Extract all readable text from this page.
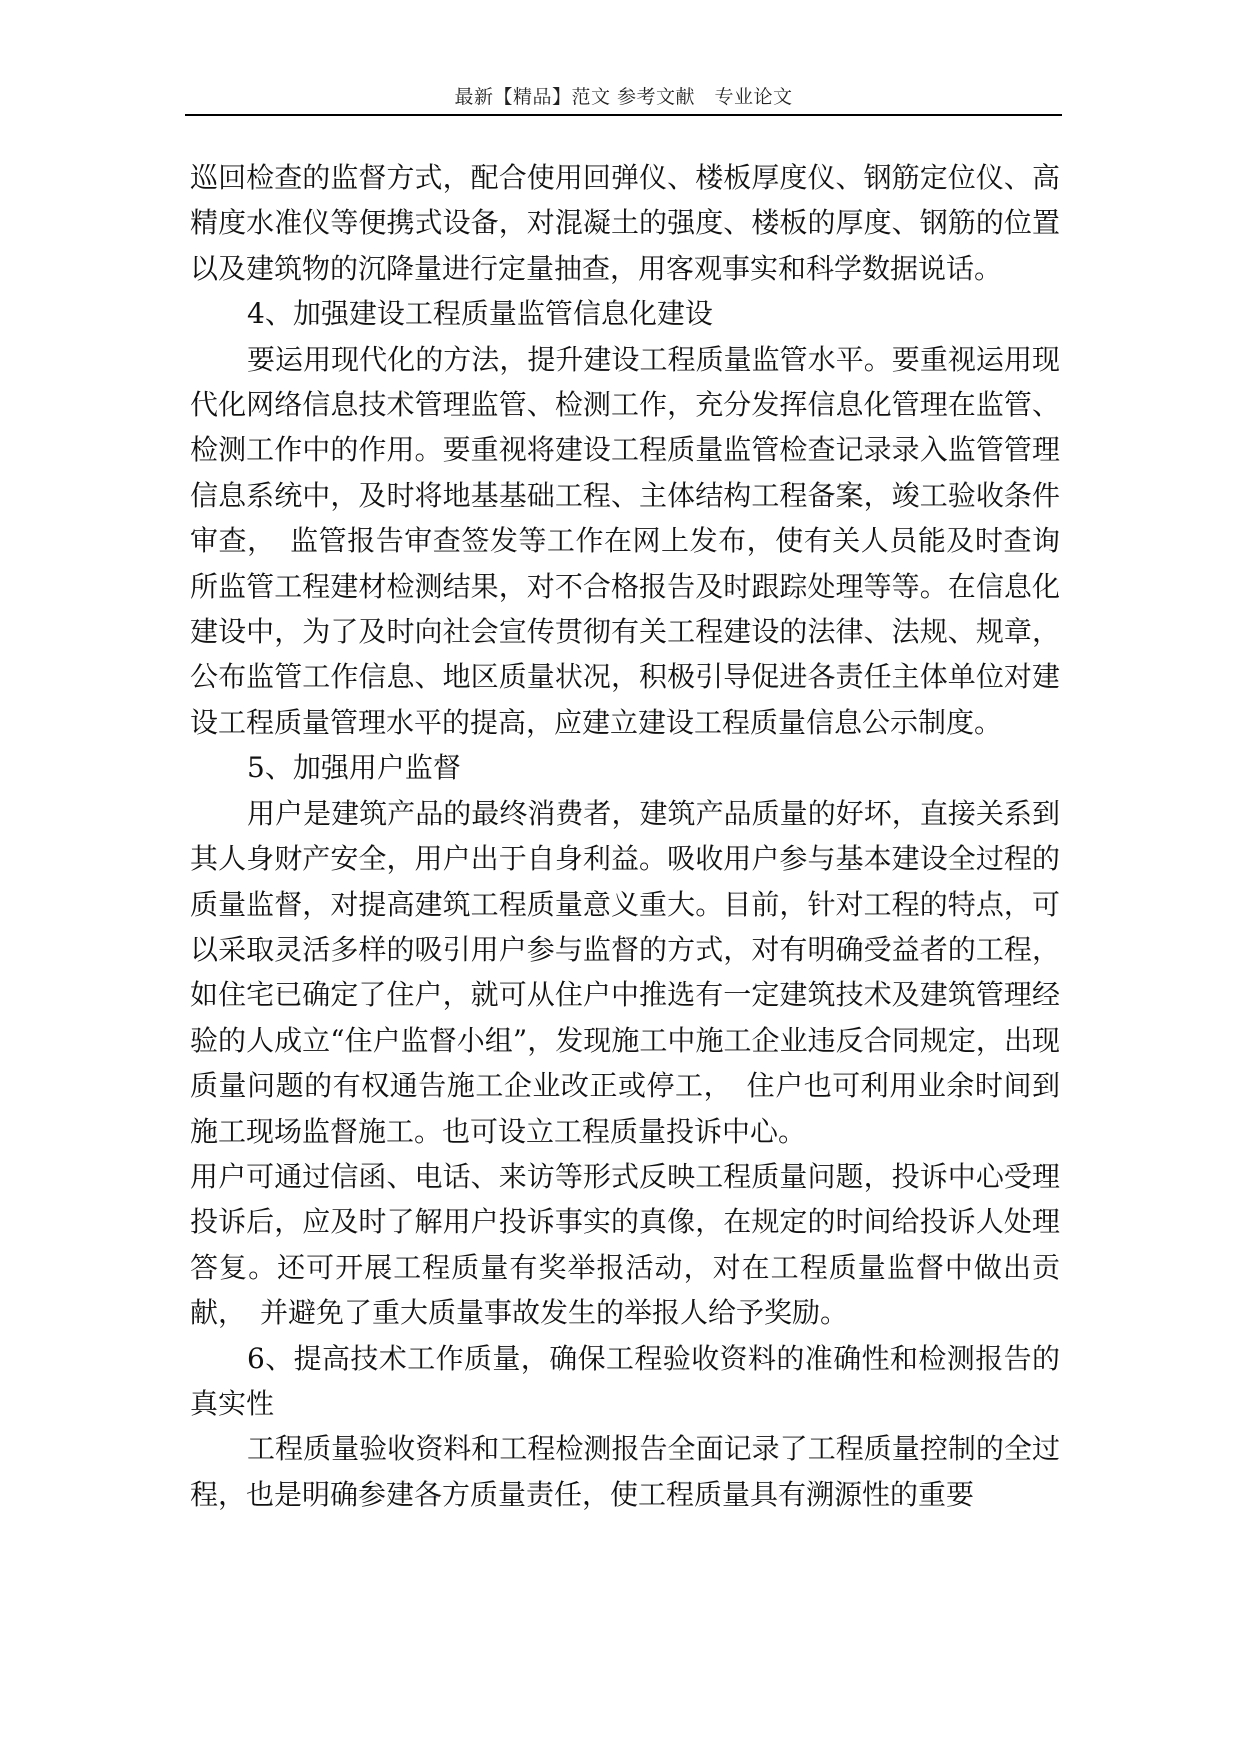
最新【精品】范文 参考文献　专业论文

巡回检查的监督方式，配合使用回弹仪、楼板厚度仪、钢筋定位仪、高精度水准仪等便携式设备，对混凝土的强度、楼板的厚度、钢筋的位置以及建筑物的沉降量进行定量抽查，用客观事实和科学数据说话。

4、加强建设工程质量监管信息化建设

要运用现代化的方法，提升建设工程质量监管水平。要重视运用现代化网络信息技术管理监管、检测工作，充分发挥信息化管理在监管、检测工作中的作用。要重视将建设工程质量监管检查记录录入监管管理信息系统中，及时将地基基础工程、主体结构工程备案，竣工验收条件审查，　监管报告审查签发等工作在网上发布，使有关人员能及时查询所监管工程建材检测结果，对不合格报告及时跟踪处理等等。在信息化建设中，为了及时向社会宣传贯彻有关工程建设的法律、法规、规章，公布监管工作信息、地区质量状况，积极引导促进各责任主体单位对建设工程质量管理水平的提高，应建立建设工程质量信息公示制度。

5、加强用户监督

用户是建筑产品的最终消费者，建筑产品质量的好坏，直接关系到其人身财产安全，用户出于自身利益。吸收用户参与基本建设全过程的质量监督，对提高建筑工程质量意义重大。目前，针对工程的特点，可以采取灵活多样的吸引用户参与监督的方式，对有明确受益者的工程，如住宅已确定了住户，就可从住户中推选有一定建筑技术及建筑管理经验的人成立“住户监督小组”，发现施工中施工企业违反合同规定，出现质量问题的有权通告施工企业改正或停工，　住户也可利用业余时间到施工现场监督施工。也可设立工程质量投诉中心。

用户可通过信函、电话、来访等形式反映工程质量问题，投诉中心受理投诉后，应及时了解用户投诉事实的真像，在规定的时间给投诉人处理答复。还可开展工程质量有奖举报活动，对在工程质量监督中做出贡献，　并避免了重大质量事故发生的举报人给予奖励。

6、提高技术工作质量，确保工程验收资料的准确性和检测报告的真实性

工程质量验收资料和工程检测报告全面记录了工程质量控制的全过程，也是明确参建各方质量责任，使工程质量具有溯源性的重要
